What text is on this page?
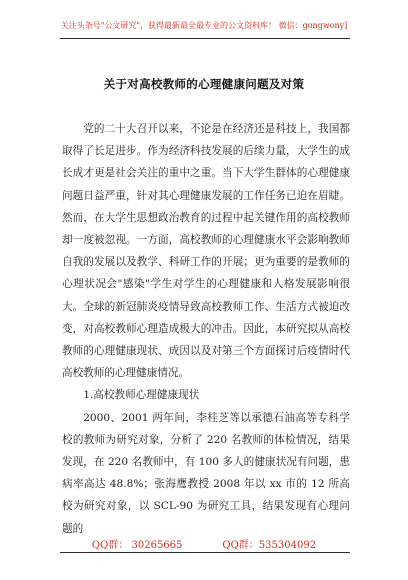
关注头条号"公文研究"，获得最新最全最专业的公文资料库！ 微信：gongwony]
关于对高校教师的心理健康问题及对策

党的二十大召开以来，不论是在经济还是科技上，我国都取得了长足进步。作为经济科技发展的后续力量，大学生的成长成才更是社会关注的重中之重。当下大学生群体的心理健康问题日益严重，针对其心理健康发展的工作任务已迫在眉睫。然而，在大学生思想政治教育的过程中起关键作用的高校教师却一度被忽视。一方面，高校教师的心理健康水平会影响教师自我的发展以及教学、科研工作的开展；更为重要的是教师的心理状况会"感染"学生对学生的心理健康和人格发展影响很大。全球的新冠肺炎疫情导致高校教师工作、生活方式被迫改变，对高校教师心理造成极大的冲击。因此，本研究拟从高校教师的心理健康现状、成因以及对第三个方面探讨后疫情时代高校教师的心理健康情况。

1.高校教师心理健康现状

2000、2001 两年间，李桂芝等以承德石油高等专科学校的教师为研究对象，分析了 220 名教师的体检情况，结果发现，在 220 名教师中，有 100 多人的健康状况有问题，患病率高达 48.8%；张海鹰教授 2008 年以 xx 市的 12 所高校为研究对象，以 SCL-90 为研究工具，结果发现有心理问题的

QQ群： 30265665	QQ群：535304092
